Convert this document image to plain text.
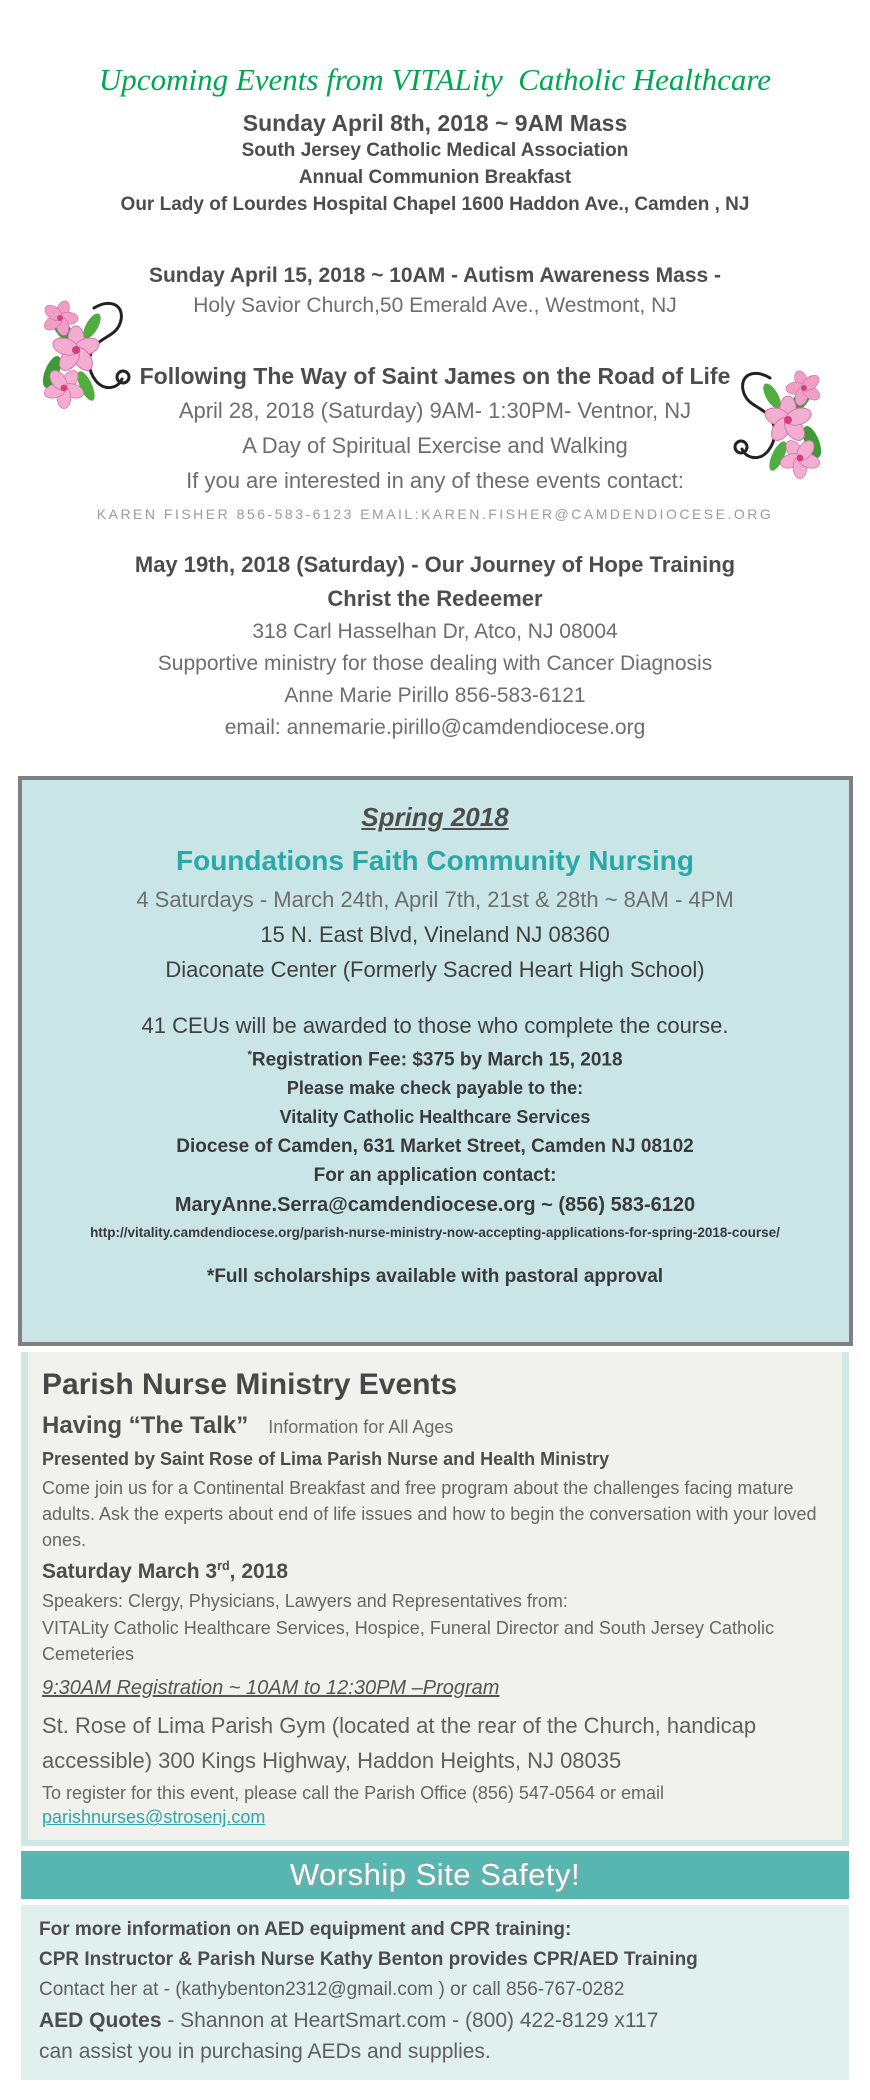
Upcoming Events from VITALity  Catholic Healthcare
Sunday April 8th, 2018 ~ 9AM Mass
South Jersey Catholic Medical Association
Annual Communion Breakfast
Our Lady of Lourdes Hospital Chapel 1600 Haddon Ave., Camden , NJ
Sunday April 15, 2018 ~ 10AM - Autism Awareness Mass -
Holy Savior Church,50 Emerald Ave., Westmont, NJ
Following The Way of Saint James on the Road of Life
April 28, 2018 (Saturday) 9AM- 1:30PM- Ventnor, NJ
A Day of Spiritual Exercise and Walking
If you are interested in any of these events contact:
KAREN FISHER 856-583-6123 EMAIL:KAREN.FISHER@CAMDENDIOCESE.ORG
May 19th, 2018 (Saturday) - Our Journey of Hope Training
Christ the Redeemer
318 Carl Hasselhan Dr, Atco, NJ 08004
Supportive ministry for those dealing with Cancer Diagnosis
Anne Marie Pirillo 856-583-6121
email: annemarie.pirillo@camdendiocese.org
Spring 2018
Foundations Faith Community Nursing
4 Saturdays - March 24th, April 7th, 21st & 28th ~ 8AM - 4PM
15 N. East Blvd, Vineland NJ 08360
Diaconate Center (Formerly Sacred Heart High School)
41 CEUs will be awarded to those who complete the course.
*Registration Fee: $375 by March 15, 2018
Please make check payable to the:
Vitality Catholic Healthcare Services
Diocese of Camden, 631 Market Street, Camden NJ 08102
For an application contact:
MaryAnne.Serra@camdendiocese.org ~ (856) 583-6120
http://vitality.camdendiocese.org/parish-nurse-ministry-now-accepting-applications-for-spring-2018-course/
*Full scholarships available with pastoral approval
Parish Nurse Ministry Events
Having “The Talk” Information for All Ages
Presented by Saint Rose of Lima Parish Nurse and Health Ministry
Come join us for a Continental Breakfast and free program about the challenges facing mature adults. Ask the experts about end of life issues and how to begin the conversation with your loved ones.
Saturday March 3rd, 2018
Speakers: Clergy, Physicians, Lawyers and Representatives from:
VITALity Catholic Healthcare Services, Hospice, Funeral Director and South Jersey Catholic Cemeteries
9:30AM Registration ~ 10AM to 12:30PM –Program
St. Rose of Lima Parish Gym (located at the rear of the Church, handicap accessible) 300 Kings Highway, Haddon Heights, NJ 08035
To register for this event, please call the Parish Office (856) 547-0564 or email
parishnurses@strosenj.com
Worship Site Safety!
For more information on AED equipment and CPR training:
CPR Instructor & Parish Nurse Kathy Benton provides CPR/AED Training
Contact her at - (kathybenton2312@gmail.com ) or call 856-767-0282
AED Quotes - Shannon at HeartSmart.com - (800) 422-8129 x117
can assist you in purchasing AEDs and supplies.
